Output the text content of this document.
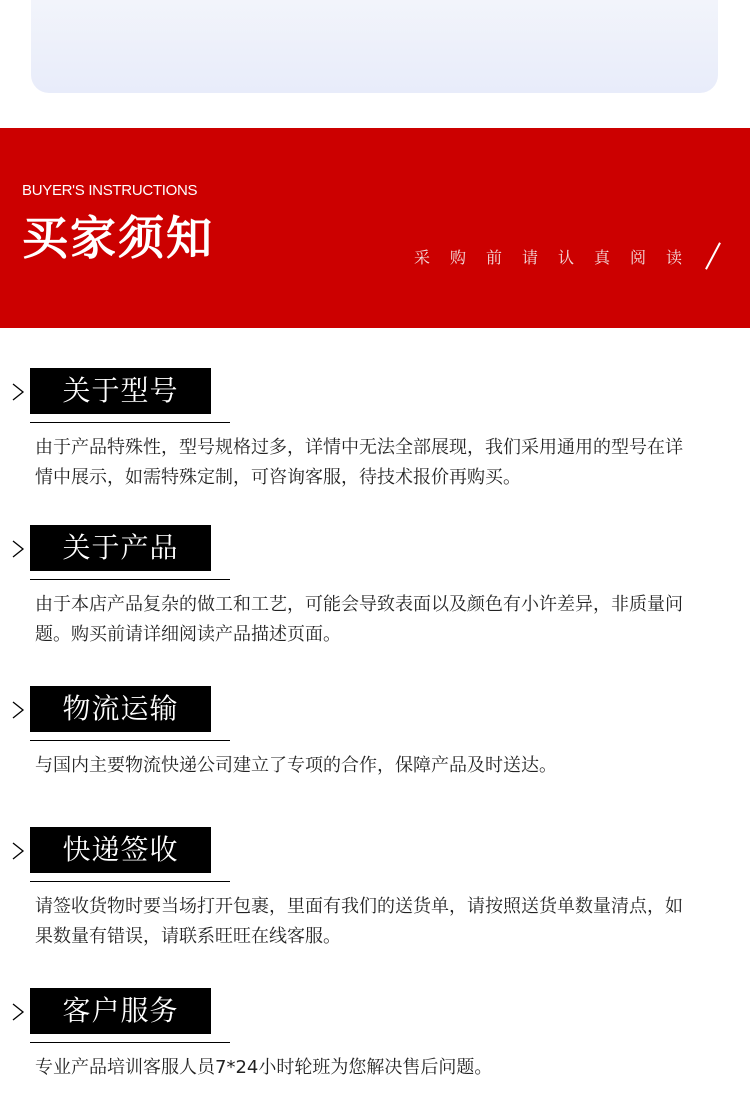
BUYER'S INSTRUCTIONS
买家须知	采购前请认真阅读
关于型号
由于产品特殊性，型号规格过多，详情中无法全部展现，我们采用通用的型号在详情中展示，如需特殊定制，可咨询客服，待技术报价再购买。
关于产品
由于本店产品复杂的做工和工艺，可能会导致表面以及颜色有小许差异，非质量问题。购买前请详细阅读产品描述页面。
物流运输
与国内主要物流快递公司建立了专项的合作，保障产品及时送达。
快递签收
请签收货物时要当场打开包裹，里面有我们的送货单，请按照送货单数量清点，如果数量有错误，请联系旺旺在线客服。
客户服务
专业产品培训客服人员7*24小时轮班为您解决售后问题。
